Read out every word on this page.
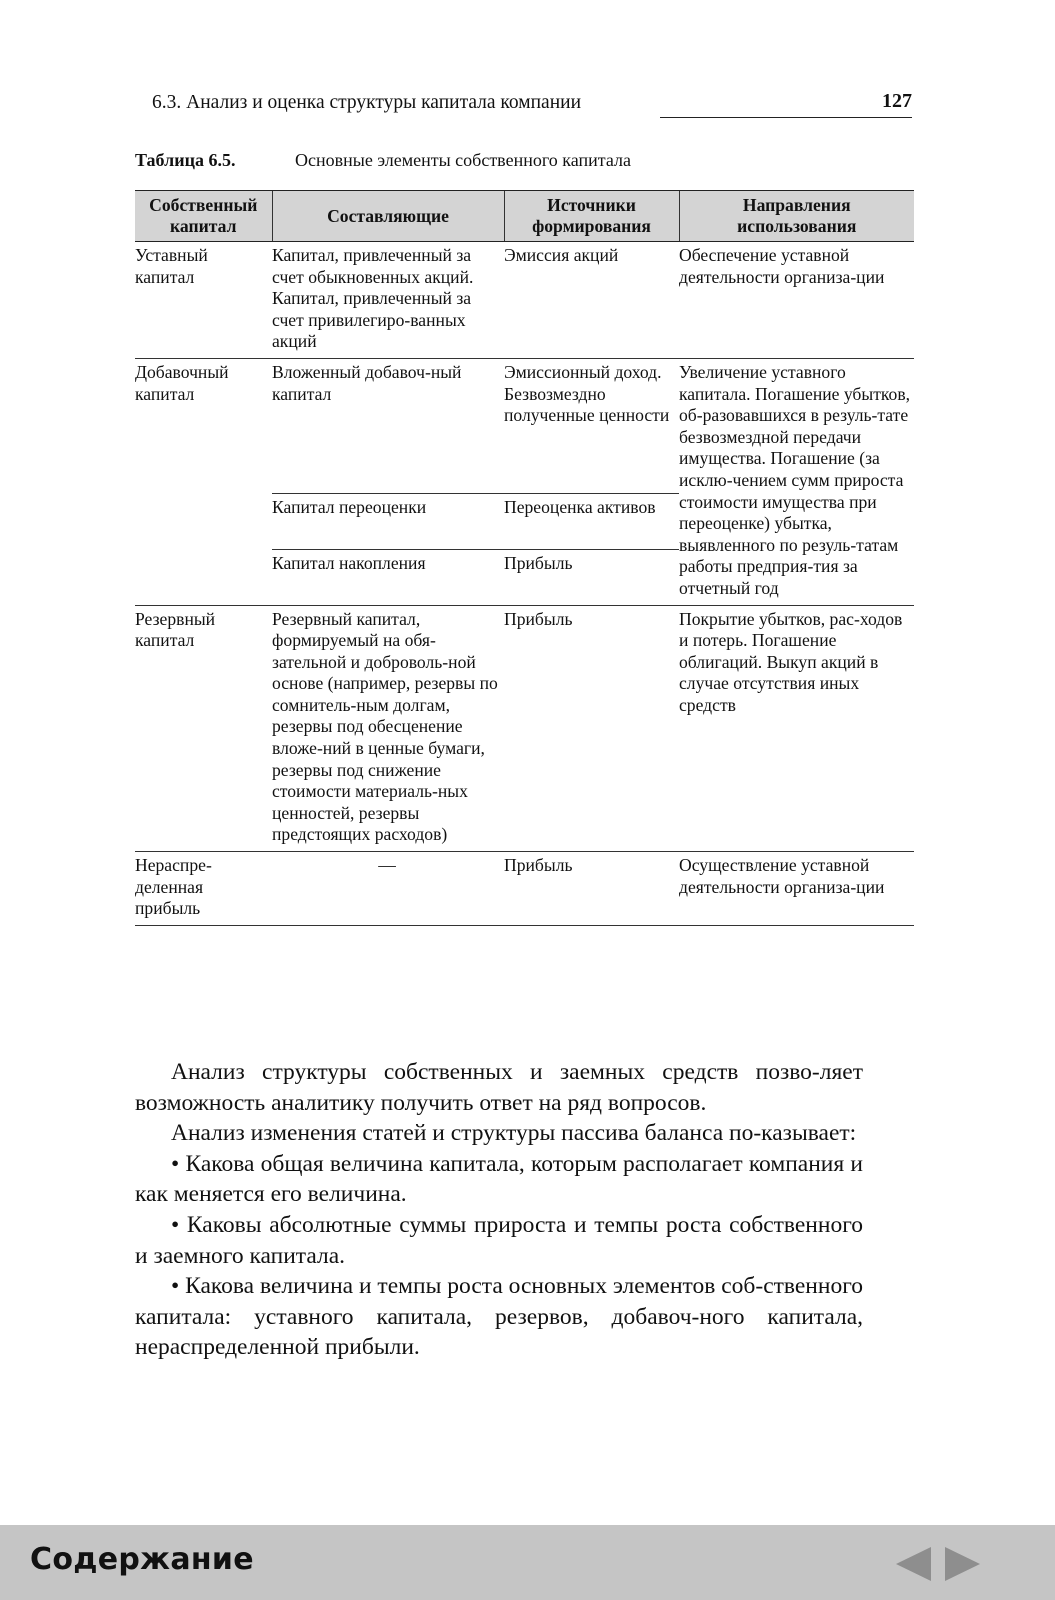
6.3. Анализ и оценка структуры капитала компании	127
Таблица 6.5.	Основные элементы собственного капитала
Собственный капитал	Составляющие	Источники формирования	Направления использования
Уставный капитал	Капитал, привлеченный за счет обыкновенных акций. Капитал, привлеченный за счет привилегиро-ванных акций	Эмиссия акций	Обеспечение уставной деятельности организа-ции
Добавочный капитал	Вложенный добавоч-ный капитал	Эмиссионный доход. Безвозмездно полученные ценности	Увеличение уставного капитала. Погашение убытков, об-разовавшихся в резуль-тате безвозмездной передачи имущества. Погашение (за исклю-чением сумм прироста стоимости имущества при переоценке) убытка, выявленного по резуль-татам работы предприя-тия за отчетный год
	Капитал переоценки	Переоценка активов	
	Капитал накопления	Прибыль	
Резервный капитал	Резервный капитал, формируемый на обя-зательной и доброволь-ной основе (например, резервы по сомнитель-ным долгам, резервы под обесценение вложе-ний в ценные бумаги, резервы под снижение стоимости материаль-ных ценностей, резервы предстоящих расходов)	Прибыль	Покрытие убытков, рас-ходов и потерь. Погашение облигаций. Выкуп акций в случае отсутствия иных средств
Нераспре-деленная прибыль	—	Прибыль	Осуществление уставной деятельности организа-ции

Анализ структуры собственных и заемных средств позво-ляет возможность аналитику получить ответ на ряд вопросов.

Анализ изменения статей и структуры пассива баланса по-казывает:

• Какова общая величина капитала, которым располагает компания и как меняется его величина.

• Каковы абсолютные суммы прироста и темпы роста собственного и заемного капитала.

• Какова величина и темпы роста основных элементов соб-ственного капитала: уставного капитала, резервов, добавоч-ного капитала, нераспределенной прибыли.

Содержание
